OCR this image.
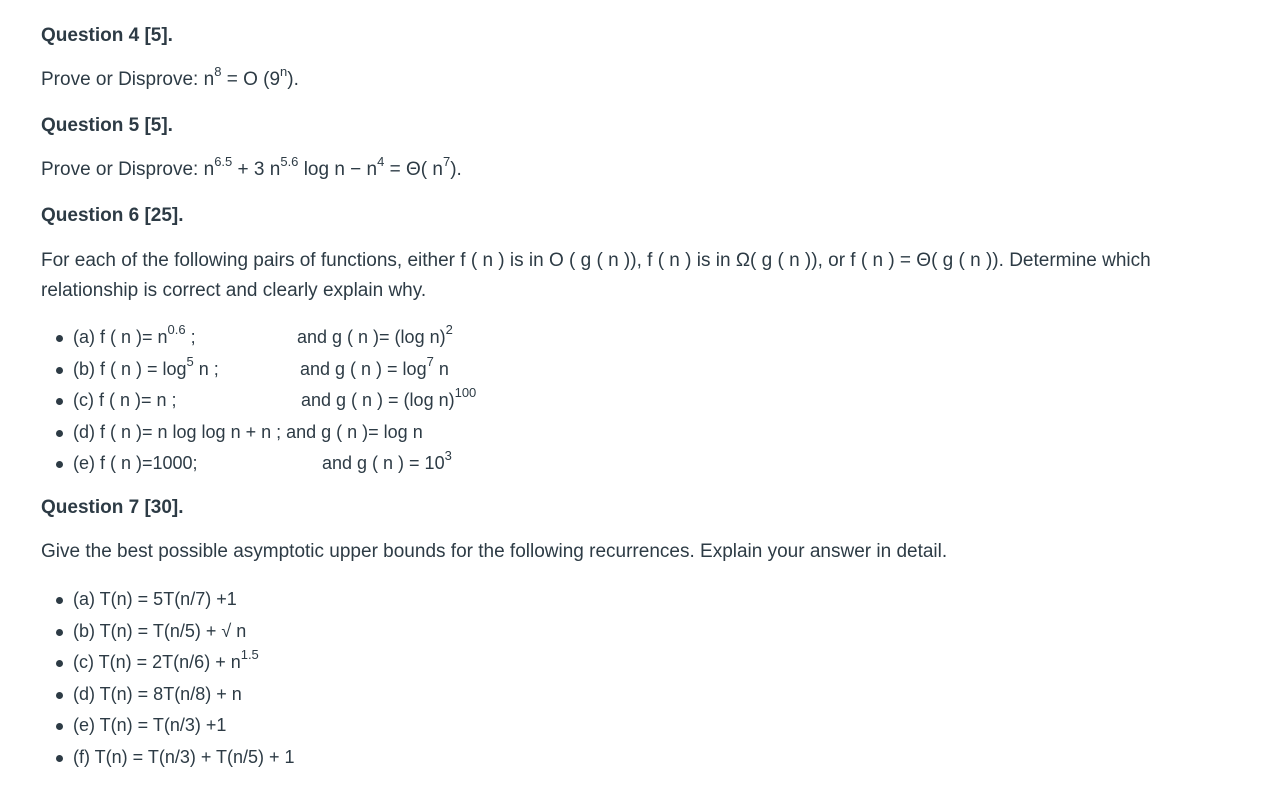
Question 4 [5].
Prove or Disprove: $n^8 = O$ (9$^n$).
Question 5 [5].
Prove or Disprove: $n^{6.5} + 3$ $n^{5.6}$ $\log n - n^4 = \Theta$( $n^7$).
Question 6 [25].
For each of the following pairs of functions, either f ( n ) is in O ( g ( n )), f ( n ) is in Ω( g ( n )), or f ( n ) = Θ( g ( n )). Determine which relationship is correct and clearly explain why.
(a) f ( n )= $n^{0.6}$ ;	and g ( n )= (log n)$^2$
(b) f ( n ) = $\log^5 n$ ;	and g ( n ) = $\log^7 n$
(c) f ( n )= n ;	and g ( n ) = (log n)$^{100}$
(d) f ( n )= n log log n + n ; and g ( n )= log n
(e) f ( n )=1000;	and g ( n ) = $10^3$
Question 7 [30].
Give the best possible asymptotic upper bounds for the following recurrences. Explain your answer in detail.
(a) T(n) = 5T(n/7) +1
(b) T(n) = T(n/5) + √ n
(c) $T(n) = 2T(n/6) + n^{1.5}$
(d) T(n) = 8T(n/8) + n
(e) T(n) = T(n/3) +1
(f) T(n) = T(n/3) + T(n/5) + 1
